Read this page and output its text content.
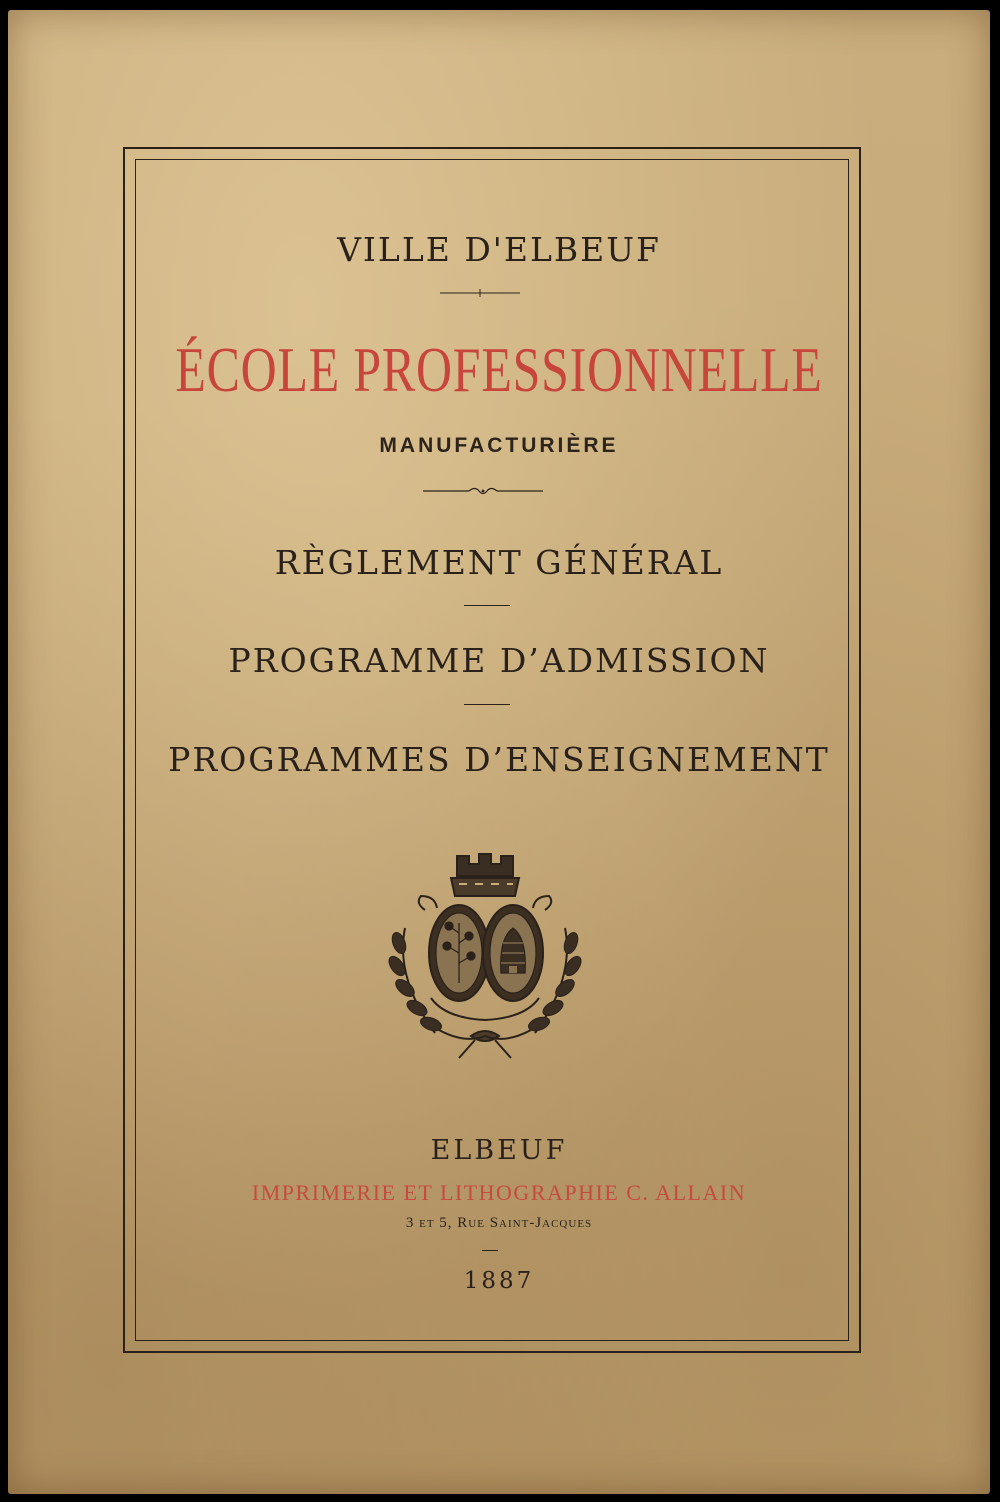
VILLE D'ELBEUF
ÉCOLE PROFESSIONNELLE
MANUFACTURIÈRE
RÈGLEMENT GÉNÉRAL
PROGRAMME D’ADMISSION
PROGRAMMES D’ENSEIGNEMENT
ELBEUF
IMPRIMERIE ET LITHOGRAPHIE C. ALLAIN
3 et 5, Rue Saint-Jacques
1887
